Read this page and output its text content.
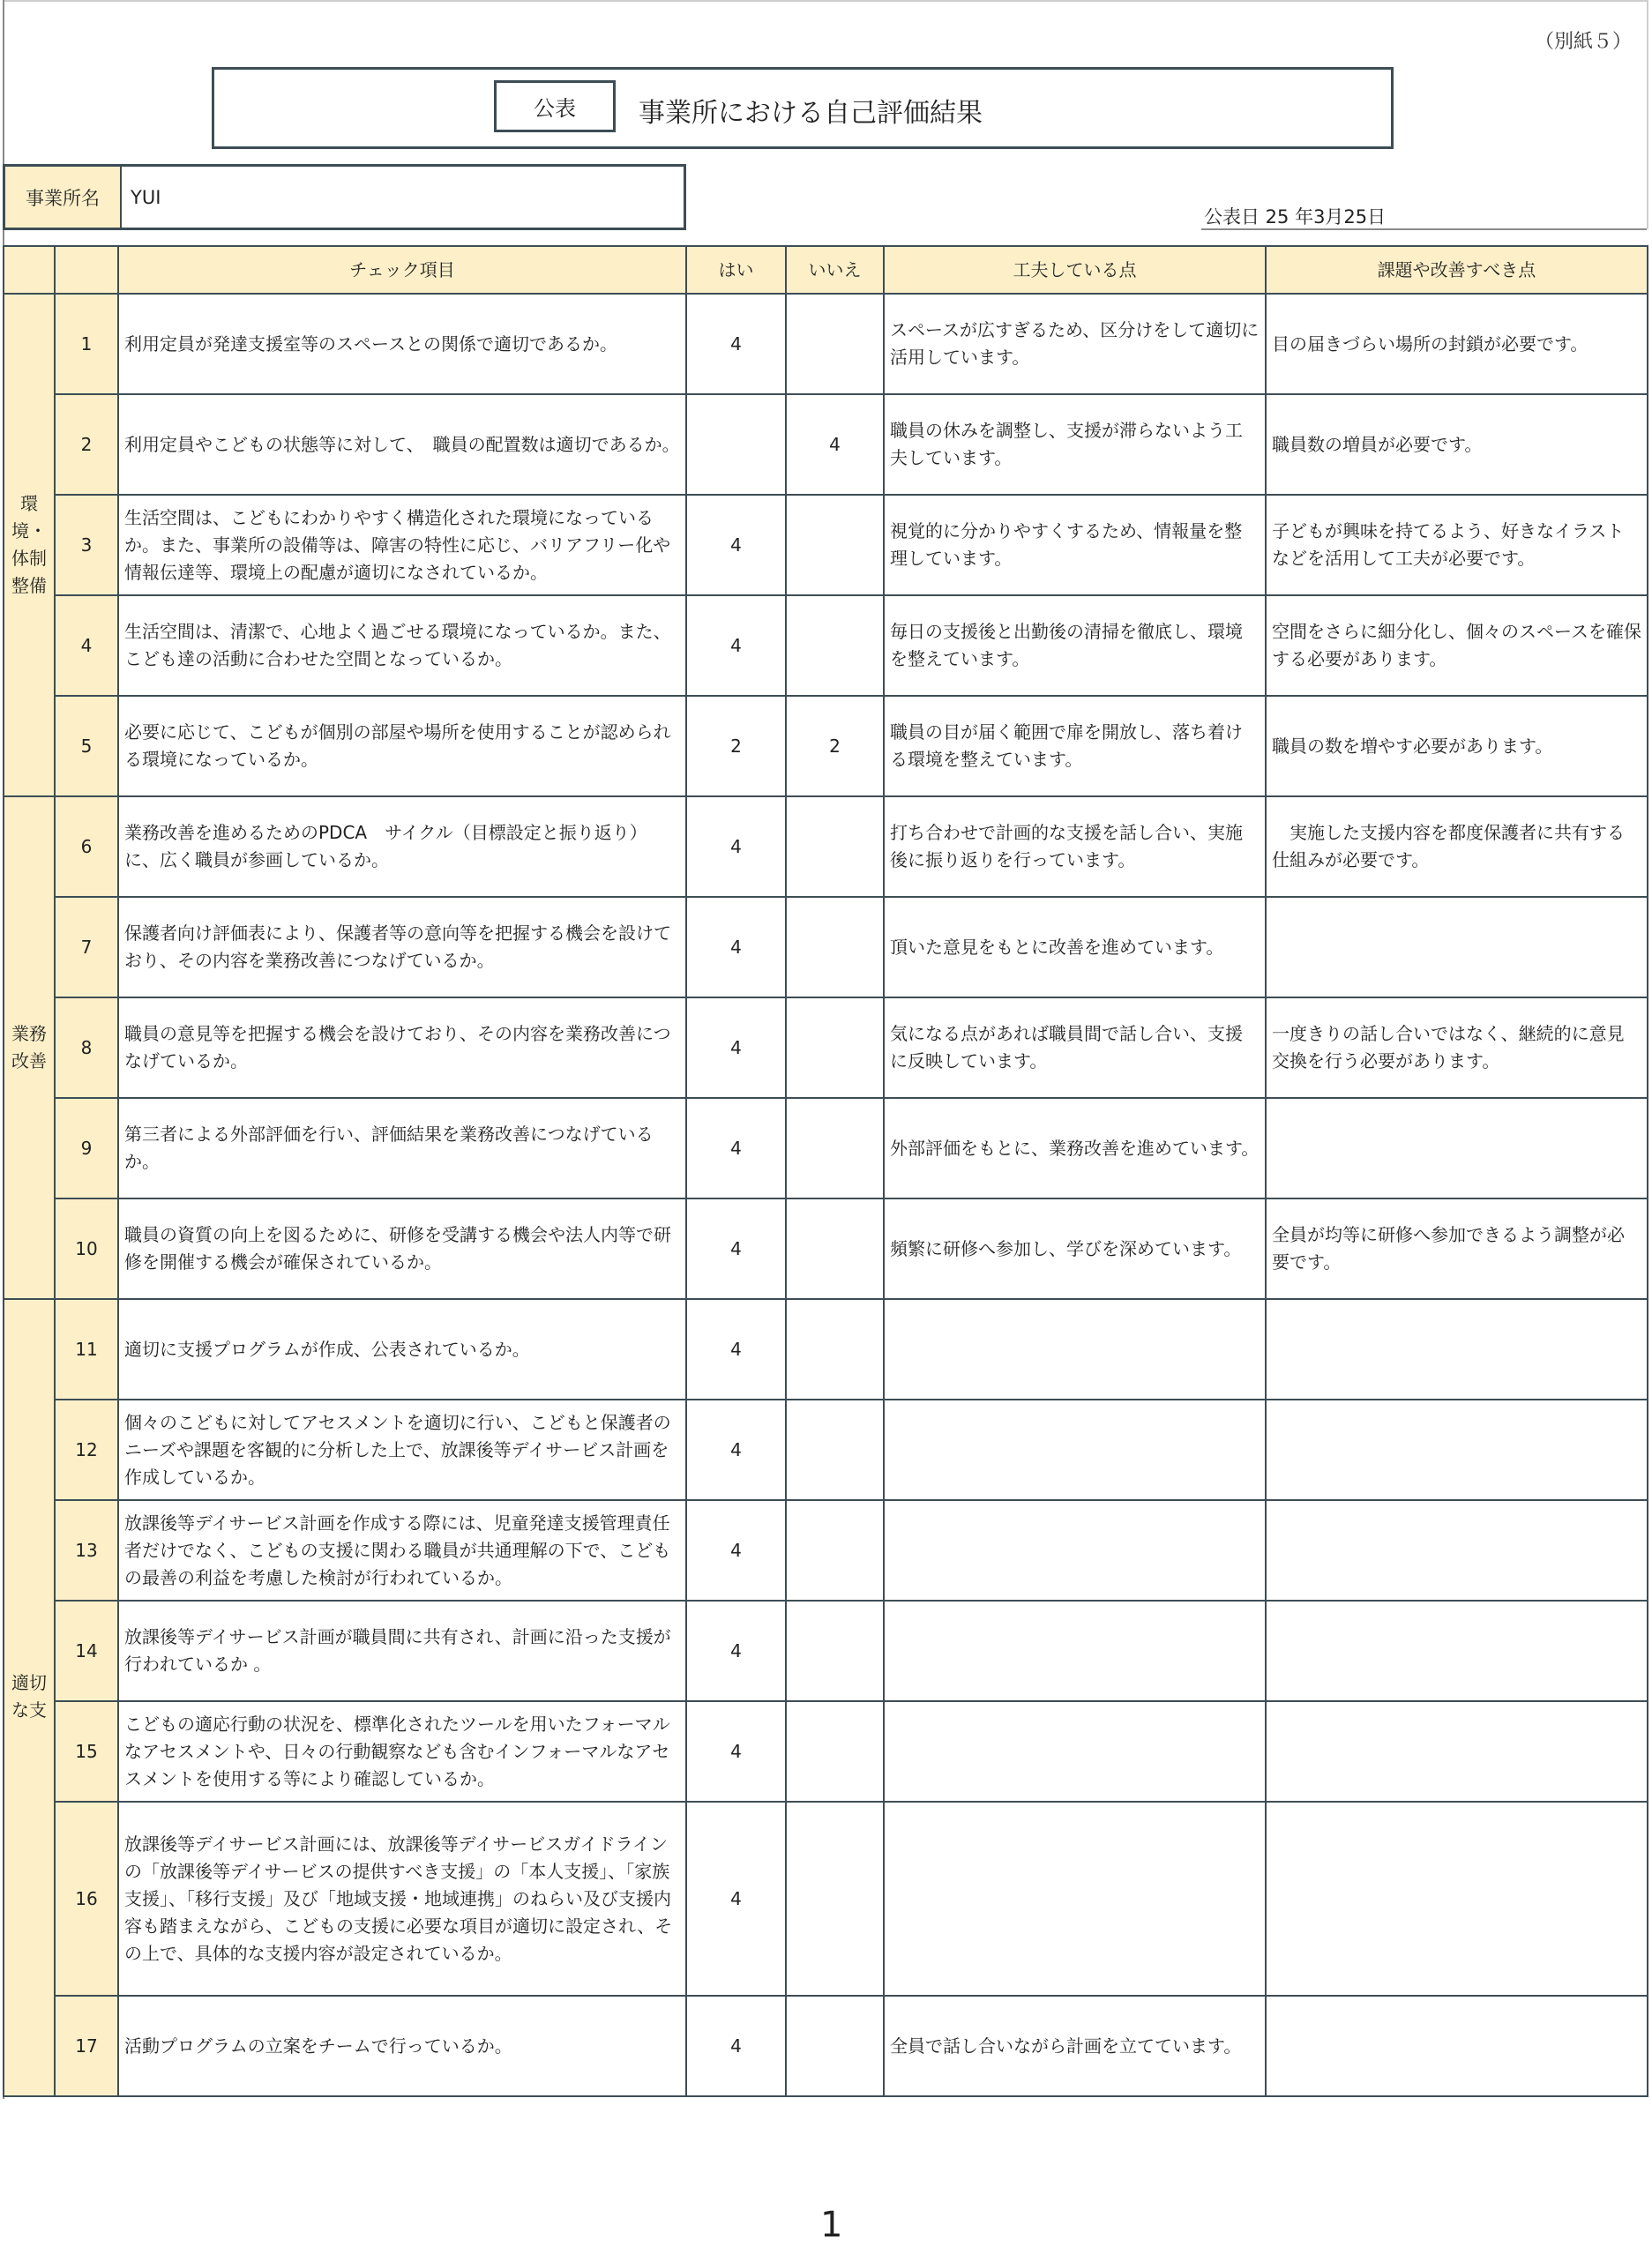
（別紙５）
公表	事業所における自己評価結果
事業所名	YUI
公表日 25 年3月25日
		チェック項目	はい	いいえ	工夫している点	課題や改善すべき点
環境・体制整備	1	利用定員が発達支援室等のスペースとの関係で適切であるか。	4		スペースが広すぎるため、区分けをして適切に活用しています。	目の届きづらい場所の封鎖が必要です。
	2	利用定員やこどもの状態等に対して、　職員の配置数は適切であるか。		4	職員の休みを調整し、支援が滞らないよう工夫しています。	職員数の増員が必要です。
	3	生活空間は、こどもにわかりやすく構造化された環境になっているか。また、事業所の設備等は、障害の特性に応じ、バリアフリー化や情報伝達等、環境上の配慮が適切になされているか。	4		視覚的に分かりやすくするため、情報量を整理しています。	子どもが興味を持てるよう、好きなイラストなどを活用して工夫が必要です。
	4	生活空間は、清潔で、心地よく過ごせる環境になっているか。また、こども達の活動に合わせた空間となっているか。	4		毎日の支援後と出勤後の清掃を徹底し、環境を整えています。	空間をさらに細分化し、個々のスペースを確保する必要があります。
	5	必要に応じて、こどもが個別の部屋や場所を使用することが認められる環境になっているか。	2	2	職員の目が届く範囲で扉を開放し、落ち着ける環境を整えています。	職員の数を増やす必要があります。
業務改善	6	業務改善を進めるためのPDCA　サイクル（目標設定と振り返り）に、広く職員が参画しているか。	4		打ち合わせで計画的な支援を話し合い、実施後に振り返りを行っています。	　実施した支援内容を都度保護者に共有する仕組みが必要です。
	7	保護者向け評価表により、保護者等の意向等を把握する機会を設けており、その内容を業務改善につなげているか。	4		頂いた意見をもとに改善を進めています。	
	8	職員の意見等を把握する機会を設けており、その内容を業務改善につなげているか。	4		気になる点があれば職員間で話し合い、支援に反映しています。	一度きりの話し合いではなく、継続的に意見交換を行う必要があります。
	9	第三者による外部評価を行い、評価結果を業務改善につなげているか。	4		外部評価をもとに、業務改善を進めています。	
	10	職員の資質の向上を図るために、研修を受講する機会や法人内等で研修を開催する機会が確保されているか。	4		頻繁に研修へ参加し、学びを深めています。	全員が均等に研修へ参加できるよう調整が必要です。
適切な支	11	適切に支援プログラムが作成、公表されているか。	4			
	12	個々のこどもに対してアセスメントを適切に行い、こどもと保護者のニーズや課題を客観的に分析した上で、放課後等デイサービス計画を作成しているか。	4			
	13	放課後等デイサービス計画を作成する際には、児童発達支援管理責任者だけでなく、こどもの支援に関わる職員が共通理解の下で、こどもの最善の利益を考慮した検討が行われているか。	4			
	14	放課後等デイサービス計画が職員間に共有され、計画に沿った支援が行われているか 。	4			
	15	こどもの適応行動の状況を、標準化されたツールを用いたフォーマルなアセスメントや、日々の行動観察なども含むインフォーマルなアセスメントを使用する等により確認しているか。	4			
	16	放課後等デイサービス計画には、放課後等デイサービスガイドラインの「放課後等デイサービスの提供すべき支援」の「本人支援」、「家族支援」、「移行支援」及び「地域支援・地域連携」のねらい及び支援内容も踏まえながら、こどもの支援に必要な項目が適切に設定され、その上で、具体的な支援内容が設定されているか。	4			
	17	活動プログラムの立案をチームで行っているか。	4		全員で話し合いながら計画を立てています。	
1
